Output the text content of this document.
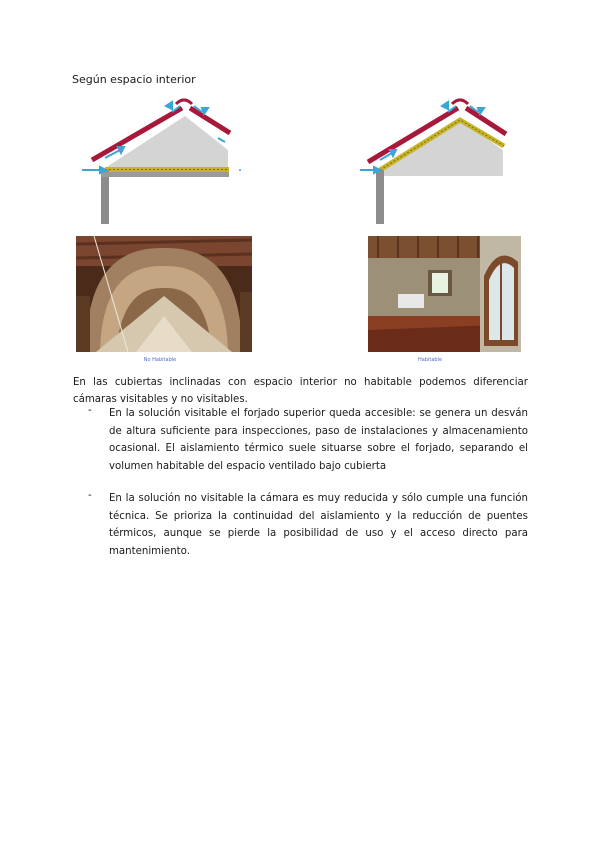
Según espacio interior
No Habitable	Habitable
En las cubiertas inclinadas con espacio interior no habitable podemos diferenciar cámaras visitables y no visitables.
- En la solución visitable el forjado superior queda accesible: se genera un desván de altura suficiente para inspecciones, paso de instalaciones y almacenamiento ocasional. El aislamiento térmico suele situarse sobre el forjado, separando el volumen habitable del espacio ventilado bajo cubierta
- En la solución no visitable la cámara es muy reducida y sólo cumple una función técnica. Se prioriza la continuidad del aislamiento y la reducción de puentes térmicos, aunque se pierde la posibilidad de uso y el acceso directo para mantenimiento.
